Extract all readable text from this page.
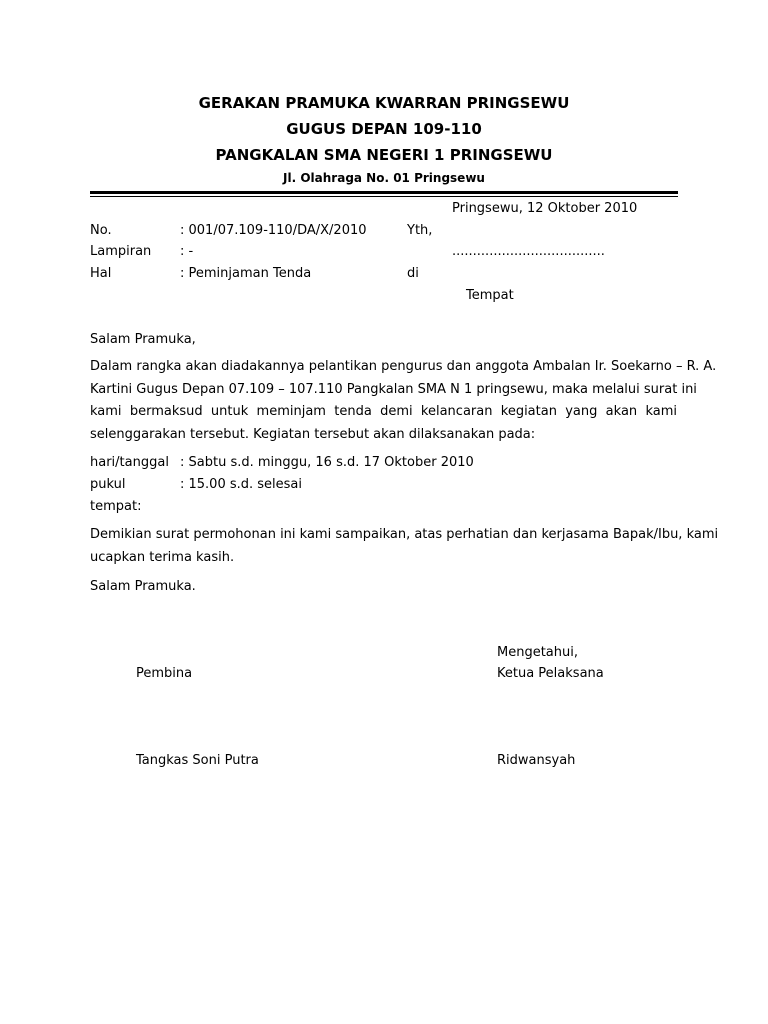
GERAKAN PRAMUKA KWARRAN PRINGSEWU
GUGUS DEPAN 109-110
PANGKALAN SMA NEGERI 1 PRINGSEWU
Jl. Olahraga No. 01 Pringsewu
Pringsewu, 12 Oktober 2010
No.	: 001/07.109-110/DA/X/2010	Yth,
Lampiran : -	.....................................
Hal	: Peminjaman Tenda	di
Tempat
Salam Pramuka,
Dalam rangka akan diadakannya pelantikan pengurus dan anggota Ambalan Ir. Soekarno – R. A.
Kartini Gugus Depan 07.109 – 107.110 Pangkalan SMA N 1 pringsewu, maka melalui surat ini
kami bermaksud untuk meminjam tenda demi kelancaran kegiatan yang akan kami
selenggarakan tersebut. Kegiatan tersebut akan dilaksanakan pada:
hari/tanggal : Sabtu s.d. minggu, 16 s.d. 17 Oktober 2010
pukul	: 15.00 s.d. selesai
tempat:
Demikian surat permohonan ini kami sampaikan, atas perhatian dan kerjasama Bapak/Ibu, kami
ucapkan terima kasih.
Salam Pramuka.
Mengetahui,
Pembina	Ketua Pelaksana
Tangkas Soni Putra	Ridwansyah
